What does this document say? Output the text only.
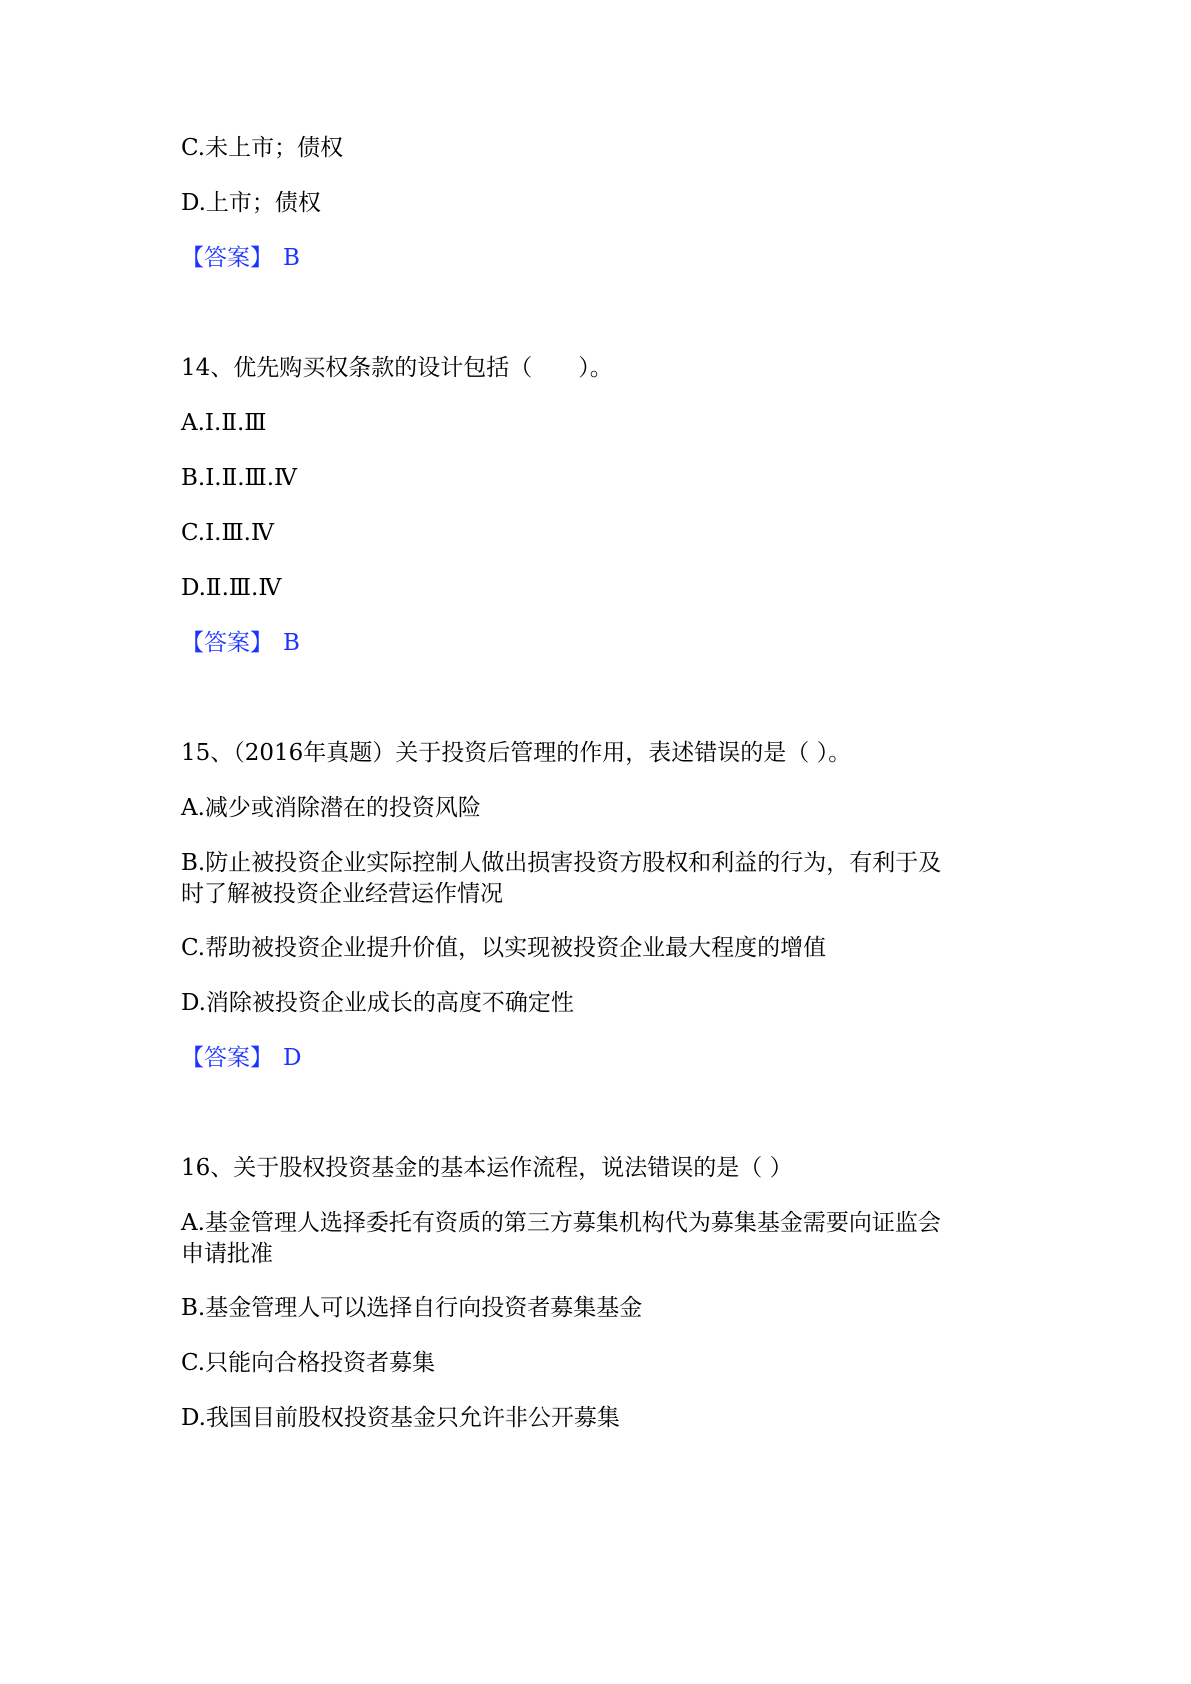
C.未上市；债权
D.上市；债权
【答案】 B
14、优先购买权条款的设计包括（　　）。
A.Ⅰ.Ⅱ.Ⅲ
B.Ⅰ.Ⅱ.Ⅲ.Ⅳ
C.Ⅰ.Ⅲ.Ⅳ
D.Ⅱ.Ⅲ.Ⅳ
【答案】 B
15、（2016年真题）关于投资后管理的作用，表述错误的是（ ）。
A.减少或消除潜在的投资风险
B.防止被投资企业实际控制人做出损害投资方股权和利益的行为，有利于及时了解被投资企业经营运作情况
C.帮助被投资企业提升价值，以实现被投资企业最大程度的增值
D.消除被投资企业成长的高度不确定性
【答案】 D
16、关于股权投资基金的基本运作流程，说法错误的是（ ）
A.基金管理人选择委托有资质的第三方募集机构代为募集基金需要向证监会申请批准
B.基金管理人可以选择自行向投资者募集基金
C.只能向合格投资者募集
D.我国目前股权投资基金只允许非公开募集
